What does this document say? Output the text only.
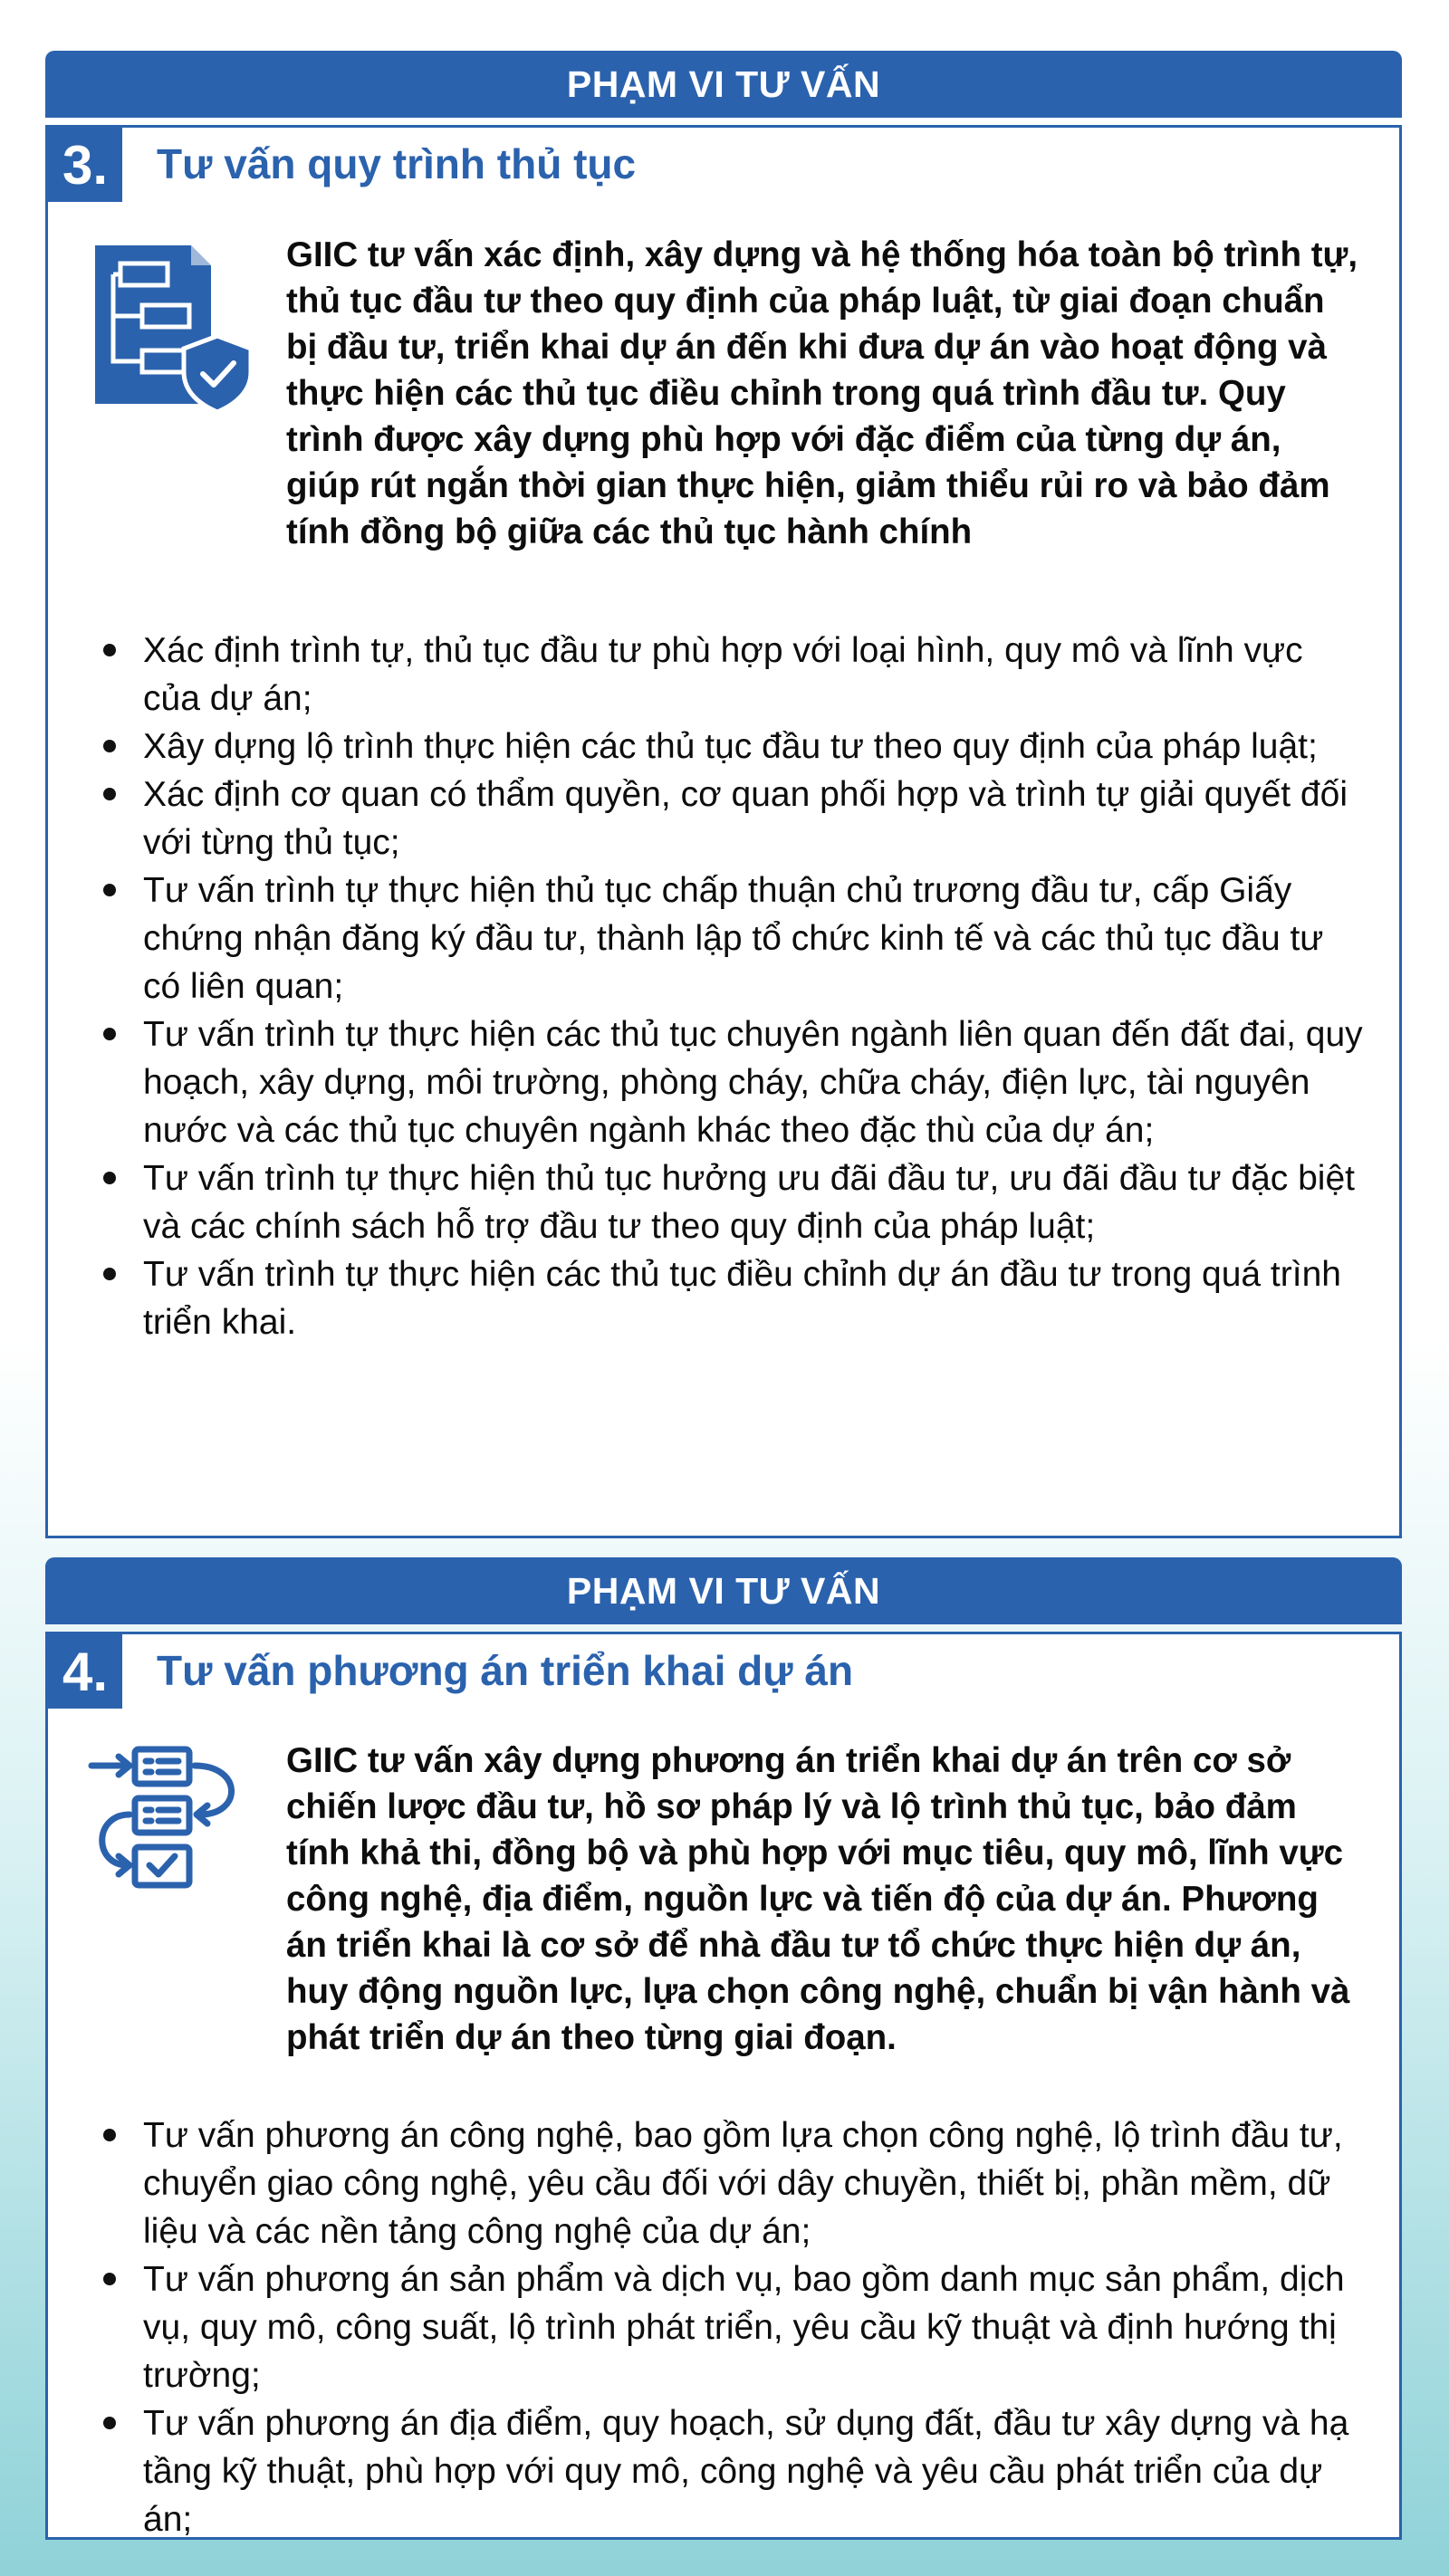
PHẠM VI TƯ VẤN
3.	Tư vấn quy trình thủ tục

GIIC tư vấn xác định, xây dựng và hệ thống hóa toàn bộ trình tự, thủ tục đầu tư theo quy định của pháp luật, từ giai đoạn chuẩn bị đầu tư, triển khai dự án đến khi đưa dự án vào hoạt động và thực hiện các thủ tục điều chỉnh trong quá trình đầu tư. Quy trình được xây dựng phù hợp với đặc điểm của từng dự án, giúp rút ngắn thời gian thực hiện, giảm thiểu rủi ro và bảo đảm tính đồng bộ giữa các thủ tục hành chính

Xác định trình tự, thủ tục đầu tư phù hợp với loại hình, quy mô và lĩnh vực của dự án;
Xây dựng lộ trình thực hiện các thủ tục đầu tư theo quy định của pháp luật;
Xác định cơ quan có thẩm quyền, cơ quan phối hợp và trình tự giải quyết đối với từng thủ tục;
Tư vấn trình tự thực hiện thủ tục chấp thuận chủ trương đầu tư, cấp Giấy chứng nhận đăng ký đầu tư, thành lập tổ chức kinh tế và các thủ tục đầu tư có liên quan;
Tư vấn trình tự thực hiện các thủ tục chuyên ngành liên quan đến đất đai, quy hoạch, xây dựng, môi trường, phòng cháy, chữa cháy, điện lực, tài nguyên nước và các thủ tục chuyên ngành khác theo đặc thù của dự án;
Tư vấn trình tự thực hiện thủ tục hưởng ưu đãi đầu tư, ưu đãi đầu tư đặc biệt và các chính sách hỗ trợ đầu tư theo quy định của pháp luật;
Tư vấn trình tự thực hiện các thủ tục điều chỉnh dự án đầu tư trong quá trình triển khai.
PHẠM VI TƯ VẤN
4.	Tư vấn phương án triển khai dự án

GIIC tư vấn xây dựng phương án triển khai dự án trên cơ sở chiến lược đầu tư, hồ sơ pháp lý và lộ trình thủ tục, bảo đảm tính khả thi, đồng bộ và phù hợp với mục tiêu, quy mô, lĩnh vực công nghệ, địa điểm, nguồn lực và tiến độ của dự án. Phương án triển khai là cơ sở để nhà đầu tư tổ chức thực hiện dự án, huy động nguồn lực, lựa chọn công nghệ, chuẩn bị vận hành và phát triển dự án theo từng giai đoạn.

Tư vấn phương án công nghệ, bao gồm lựa chọn công nghệ, lộ trình đầu tư, chuyển giao công nghệ, yêu cầu đối với dây chuyền, thiết bị, phần mềm, dữ liệu và các nền tảng công nghệ của dự án;
Tư vấn phương án sản phẩm và dịch vụ, bao gồm danh mục sản phẩm, dịch vụ, quy mô, công suất, lộ trình phát triển, yêu cầu kỹ thuật và định hướng thị trường;
Tư vấn phương án địa điểm, quy hoạch, sử dụng đất, đầu tư xây dựng và hạ tầng kỹ thuật, phù hợp với quy mô, công nghệ và yêu cầu phát triển của dự án;
